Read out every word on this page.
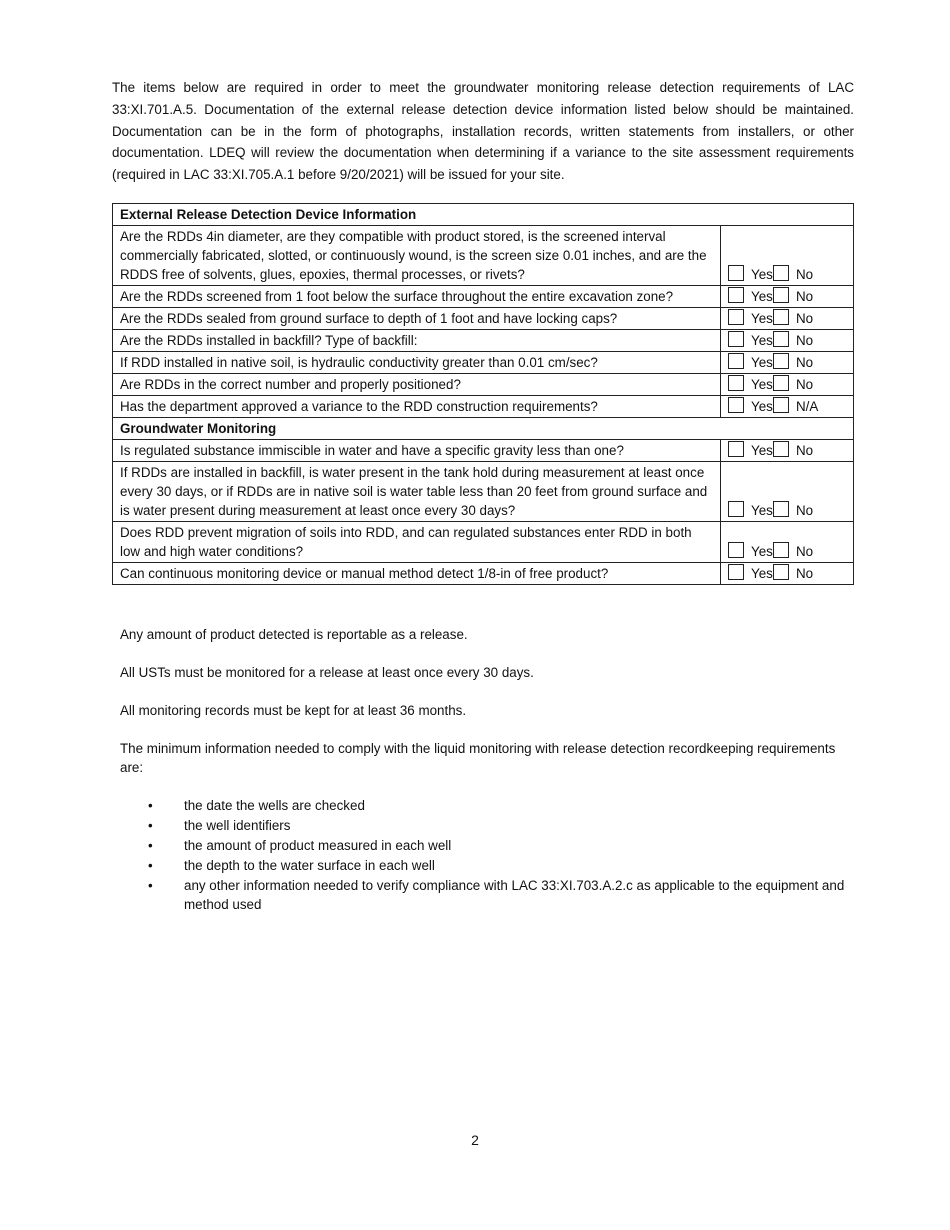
The items below are required in order to meet the groundwater monitoring release detection requirements of LAC 33:XI.701.A.5. Documentation of the external release detection device information listed below should be maintained. Documentation can be in the form of photographs, installation records, written statements from installers, or other documentation. LDEQ will review the documentation when determining if a variance to the site assessment requirements (required in LAC 33:XI.705.A.1 before 9/20/2021) will be issued for your site.

External Release Detection Device Information	
Are the RDDs 4in diameter, are they compatible with product stored, is the screened interval commercially fabricated, slotted, or continuously wound, is the screen size 0.01 inches, and are the RDDS free of solvents, glues, epoxies, thermal processes, or rivets?	Yes No
Are the RDDs screened from 1 foot below the surface throughout the entire excavation zone?	Yes No
Are the RDDs sealed from ground surface to depth of 1 foot and have locking caps?	Yes No
Are the RDDs installed in backfill? Type of backfill:	Yes No
If RDD installed in native soil, is hydraulic conductivity greater than 0.01 cm/sec?	Yes No
Are RDDs in the correct number and properly positioned?	Yes No
Has the department approved a variance to the RDD construction requirements?	Yes N/A
Groundwater Monitoring	
Is regulated substance immiscible in water and have a specific gravity less than one?	Yes No
If RDDs are installed in backfill, is water present in the tank hold during measurement at least once every 30 days, or if RDDs are in native soil is water table less than 20 feet from ground surface and is water present during measurement at least once every 30 days?	Yes No
Does RDD prevent migration of soils into RDD, and can regulated substances enter RDD in both low and high water conditions?	Yes No
Can continuous monitoring device or manual method detect 1/8-in of free product?	Yes No

Any amount of product detected is reportable as a release.

All USTs must be monitored for a release at least once every 30 days.

All monitoring records must be kept for at least 36 months.

The minimum information needed to comply with the liquid monitoring with release detection recordkeeping requirements are:

• the date the wells are checked
• the well identifiers
• the amount of product measured in each well
• the depth to the water surface in each well
• any other information needed to verify compliance with LAC 33:XI.703.A.2.c as applicable to the equipment and method used
2
